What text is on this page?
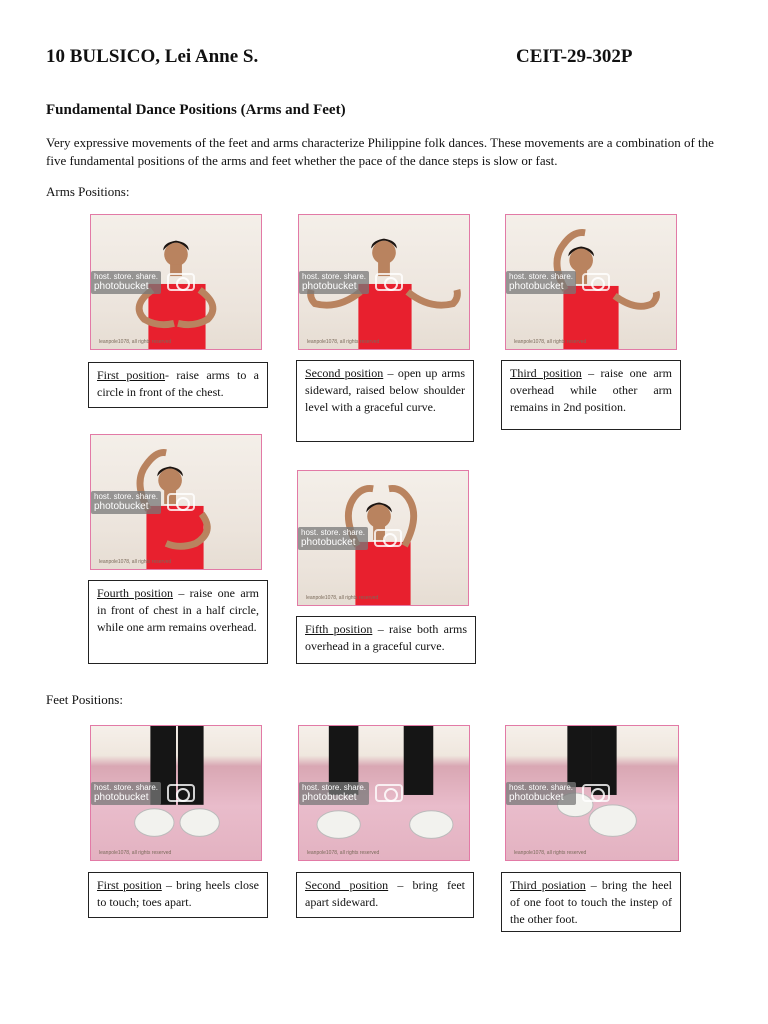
10 BULSICO, Lei Anne S.	CEIT-29-302P
Fundamental Dance Positions (Arms and Feet)
Very expressive movements of the feet and arms characterize Philippine folk dances. These movements are a combination of the five fundamental positions of the arms and feet whether the pace of the dance steps is slow or fast.
Arms Positions:
host. store. share.
photobucket
leanpole1078, all rights reserved
host. store. share.
photobucket
leanpole1078, all rights reserved
host. store. share.
photobucket
leanpole1078, all rights reserved
First position- raise arms to a circle in front of the chest.
Second position – open up arms sideward, raised below shoulder level with a graceful curve.
Third position – raise one arm overhead while other arm remains in 2nd position.
host. store. share.
photobucket
leanpole1078, all rights reserved
host. store. share.
photobucket
leanpole1078, all rights reserved
Fourth position – raise one arm in front of chest in a half circle, while one arm remains overhead.	Fifth position – raise both arms overhead in a graceful curve.
Feet Positions:
host. store. share.
photobucket
leanpole1078, all rights reserved
host. store. share.
photobucket
leanpole1078, all rights reserved
host. store. share.
photobucket
leanpole1078, all rights reserved
First position – bring heels close to touch; toes apart.
Second position – bring feet apart sideward.
Third posiation – bring the heel of one foot to touch the instep of the other foot.
